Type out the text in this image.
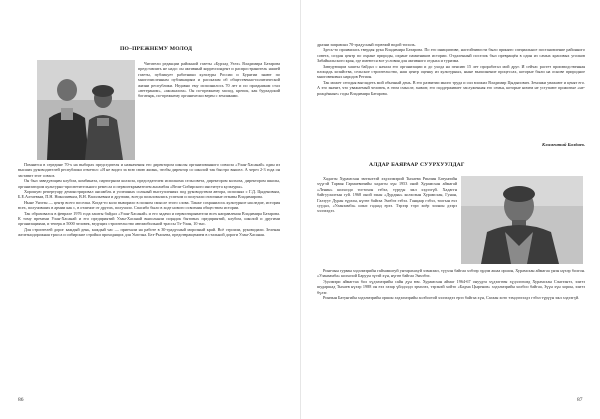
ПО–ПРЕЖНЕМУ МОЛОД

Читатели редакции районной газеты «Бурхад Уелэ» Владимира Батарова представлять не надо: он активный корреспондент и распространитель нашей газеты, публикует работники культуры России и Бурятии знают по многочисленным публикациям и рассказам об общественно-политической жизни республики. Недавно ему исполнилось 70 лет и по праздникам стал «ветераном», «аксакалом». Он по-прежнему молод, крепок, как бурхадский богатырь, по-прежнему органически верен с земляками.

Помнится в середине 70-х на выборах председателя и назначения его директором школы организованного совхоза «Улан-Хасанай» один из высших руководителей республики отметил: «Я не видел за всю свою жизнь, чтобы директор со школой так быстро вышел. А через 2-3 года он заставит этот совхоз.

Он был заведующим клубом, комбината, партогрном колхоза, председателем исполкома сельсовета, директором колхоза, директором школы, организатором культурно-просветительного ремесла и первооткрывателем ансамбля «Вели-Сибирского института культуры».

Хорошую репертуару демонстрировал ансамбль и успешных сольный выступлениях под руководством автора, исполнял с Г.Д. Цыденовым, Б.Е.Алтаевым, П.Н. Николаевым, В.Н. Васильевым и другими, всегда пользовались успехом и получали отличные отзывы Владимирова.

Ныне Унэгэн — центр всего поселка. Когда-то коло выворило в полном смысле этого слова. Также сохранилось культурное наследие, история всех, получивших в армии как с, в отличие от других, получило. Спасибо было в ходе нового освоения обществом истории.

Так образовался в феврале 1976 года хашты байдал «Улан-Хасанай» и его задачи и первооткрыватели всех направления Владимира Батарова. К тому времени Улан-Хасанай и его предприятий Улан-Хасанай выполняли порядок бытовых предприятий, клубом, школой и другими организациями, и теперь в 5000 человек, ведущих строительство автомобильной трассы Тэ-Улан, 10 тыс.

Для строителей дорог каждый день, каждый час — приехали на работе в 30-градусный морозный край. Всё строили, руководили. Зеленая железнодорожная трасса и сибирские стройки проходящих для Унэгэна. Без-Рысьева, предотвращением в стальной дороги Улан-Хасаная.

86

дразни заправлял 70-градусный горючий водой тополь.

Здесь-то проявилась твердая рука Владимира Батарова. По его инициативе, настойчивости было принято специальное постановление районного совета, создан центр по охране природы, охране памятников истории. Отдаленный поселок был превращён в один из самых красивых уголков Забайкальского края, где имеются все условия для активного отдыха и туризма.

Заведующим хашты байдал с начала его организации и до ухода на пенсию 15 лет проработал мой друг. И сейчас растет производственная площадь хозяйства, сельское строительство, наш центр оценку из культурных, ныне выполнение процессах, которые были на основе природное многовековых народов Регион.

Так может сегодня выглядеть мой обычный день. В его развитии много труда и сил вложил Владимир Цыдыпович. Земляки уважают и ценят его. А это значит, что уважаемый человек, в этом смысле, значит, его поддерживает заслуженная его семья, которые ничем не уступают прожитые «не-рождённые» годы Владимира Батарова.

Климентий Балдаев.
АЛДАР БАЯРААР СУУРХУУЛДАГ

Хадаггн Хурамсхан эмтэнэтэй хэдэлэмэрий Тыхаева Ринчин Батунгийн хүүгэй Тарвая Гармаевичийн хадаггн хүн 1953 оной Хурамсхан аймагай «Ленин» колхоздо тогтохон гэбэл, түрүүн эжл хэдээгүй. Хадаггн байгуулалтын гуй. 1968 оной эхын «Дурдын» колхозын Хурамсхан, Гунан, Галзуут Дуран зүрхэн, нүгөө байгаа Энэбээ гэбэл. Ганцаар гэбэл, тоогын ехэ суудал, «Уланзамба» шэнэ гадаад ерээ. Тэрээр тэрэ хоёр зоонон дээрэ хэлэхэдээ.

Рингчын гурван хэдэлмэрийн гайхамшгуй унтарахахуй хэмжэжэ, түүхэн байгаа хэбээр эрдэм ашаа оршон, Хурамсхан аймагаа үнэн нүхэр болгон. «Уланзамба» колхозой Баруун зүгэй хүн, нүгөө байгаа Энхэбээ.

Эдэлмэри аймагтаа бол хүдэлмэрийн сайн дүн юм. Хурамсхан аймаг 1964-67 онуудта хүдэлгөөн хүдэлэгшэд Хурамсхан Сэнгээнтэ, элитэ шударшад Тыхаев нүхэр 1988 он ехэ газар үйлдэлдэ эрмэлзэ, тэрэнэй хойто «Бадма Цыренов» хэдэлмэрийн холбоо байгаа, Зүүн хүн хорин, элитэ бүлэг.

Ринчын Батунгийн хэдэлмэрийн оршон хэдэлмэрийн холбоотой хэлэхэдээ ерээ байгаа хүн, Сагаан хото тэмдэглэлдэ гэбэл түрүүн эжл хэдээгүй.

87
